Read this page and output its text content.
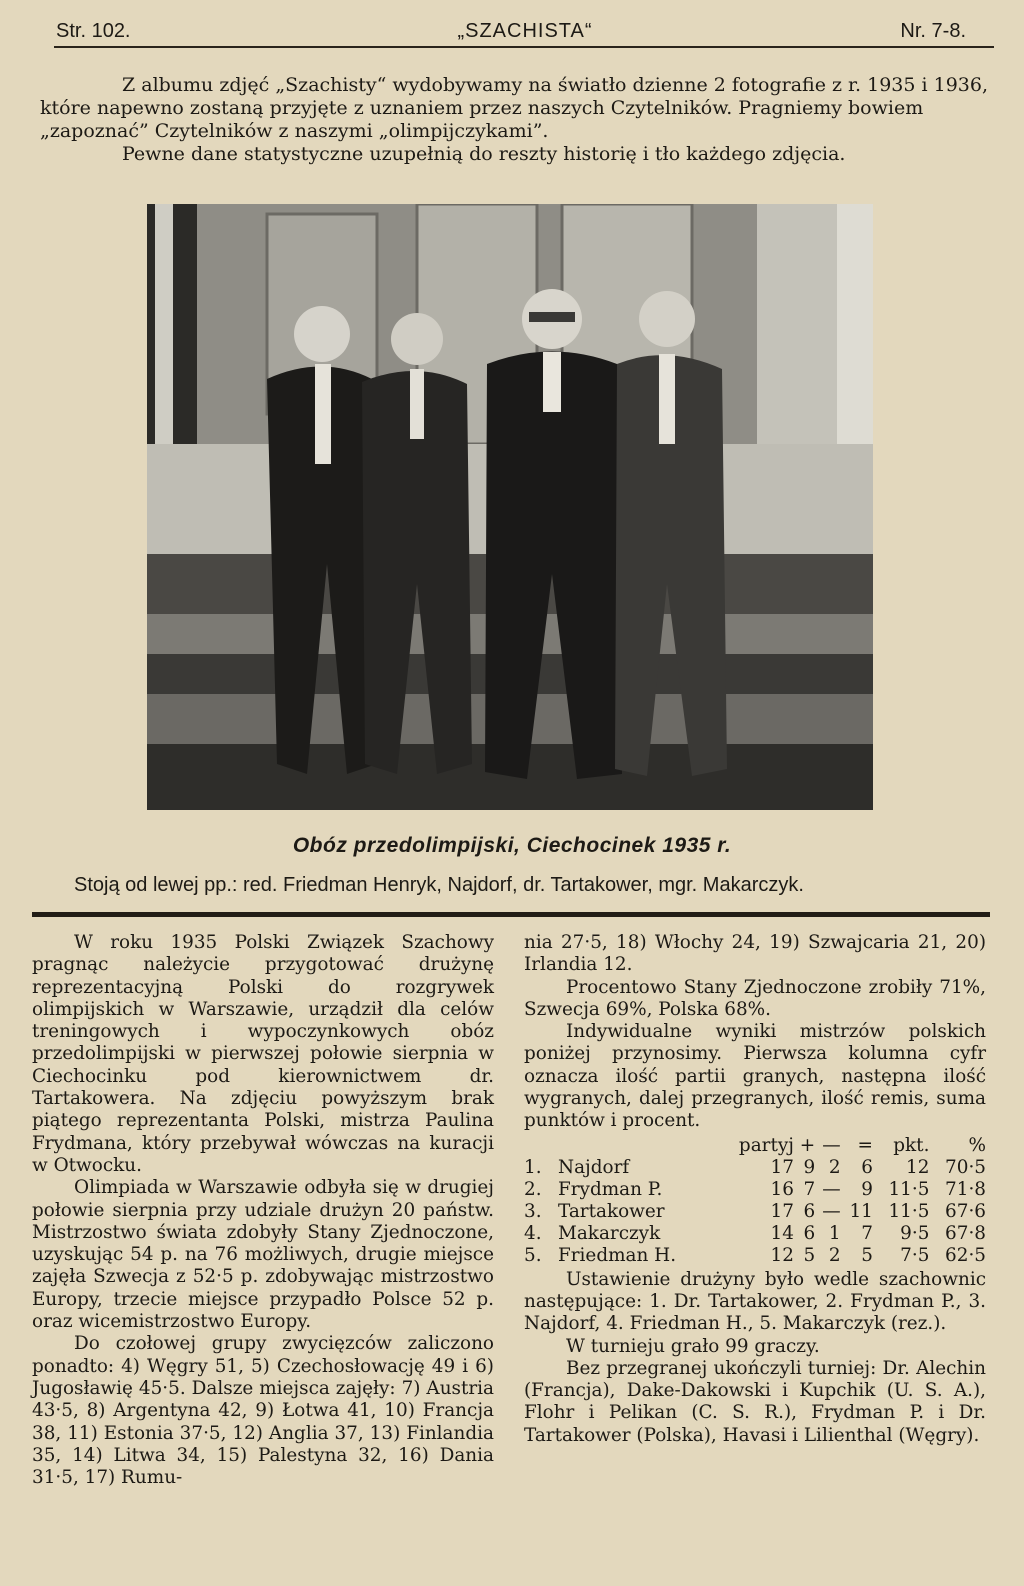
Str. 102.	„SZACHISTA“	Nr. 7-8.

Z albumu zdjęć „Szachisty“ wydobywamy na światło dzienne 2 fotografie z r. 1935 i 1936, które napewno zostaną przyjęte z uznaniem przez naszych Czytelników. Pragniemy bowiem „zapoznać” Czytelników z naszymi „olimpijczykami”.

Pewne dane statystyczne uzupełnią do reszty historię i tło każdego zdjęcia.

Obóz przedolimpijski, Ciechocinek 1935 r.
Stoją od lewej pp.: red. Friedman Henryk, Najdorf, dr. Tartakower, mgr. Makarczyk.

W roku 1935 Polski Związek Szachowy pragnąc należycie przygotować drużynę reprezentacyjną Polski do rozgrywek olimpijskich w Warszawie, urządził dla celów treningowych i wypoczynkowych obóz przedolimpijski w pierwszej połowie sierpnia w Ciechocinku pod kierownictwem dr. Tartakowera. Na zdjęciu powyższym brak piątego reprezentanta Polski, mistrza Paulina Frydmana, który przebywał wówczas na kuracji w Otwocku.

Olimpiada w Warszawie odbyła się w drugiej połowie sierpnia przy udziale drużyn 20 państw. Mistrzostwo świata zdobyły Stany Zjednoczone, uzyskując 54 p. na 76 możliwych, drugie miejsce zajęła Szwecja z 52·5 p. zdobywając mistrzostwo Europy, trzecie miejsce przypadło Polsce 52 p. oraz wicemistrzostwo Europy.

Do czołowej grupy zwycięzców zaliczono ponadto: 4) Węgry 51, 5) Czechosłowację 49 i 6) Jugosławię 45·5. Dalsze miejsca zajęły: 7) Austria 43·5, 8) Argentyna 42, 9) Łotwa 41, 10) Francja 38, 11) Estonia 37·5, 12) Anglia 37, 13) Finlandia 35, 14) Litwa 34, 15) Palestyna 32, 16) Dania 31·5, 17) Rumu-

nia 27·5, 18) Włochy 24, 19) Szwajcaria 21, 20) Irlandia 12.

Procentowo Stany Zjednoczone zrobiły 71%, Szwecja 69%, Polska 68%.

Indywidualne wyniki mistrzów polskich poniżej przynosimy. Pierwsza kolumna cyfr oznacza ilość partii granych, następna ilość wygranych, dalej przegranych, ilość remis, suma punktów i procent.

		partyj	+	—	=	pkt.	%
1.	Najdorf	17	9	2	6	12	70·5
2.	Frydman P.	16	7	—	9	11·5	71·8
3.	Tartakower	17	6	—	11	11·5	67·6
4.	Makarczyk	14	6	1	7	9·5	67·8
5.	Friedman H.	12	5	2	5	7·5	62·5

Ustawienie drużyny było wedle szachownic następujące: 1. Dr. Tartakower, 2. Frydman P., 3. Najdorf, 4. Friedman H., 5. Makarczyk (rez.).

W turnieju grało 99 graczy.

Bez przegranej ukończyli turniej: Dr. Alechin (Francja), Dake-Dakowski i Kupchik (U. S. A.), Flohr i Pelikan (C. S. R.), Frydman P. i Dr. Tartakower (Polska), Havasi i Lilienthal (Węgry).
